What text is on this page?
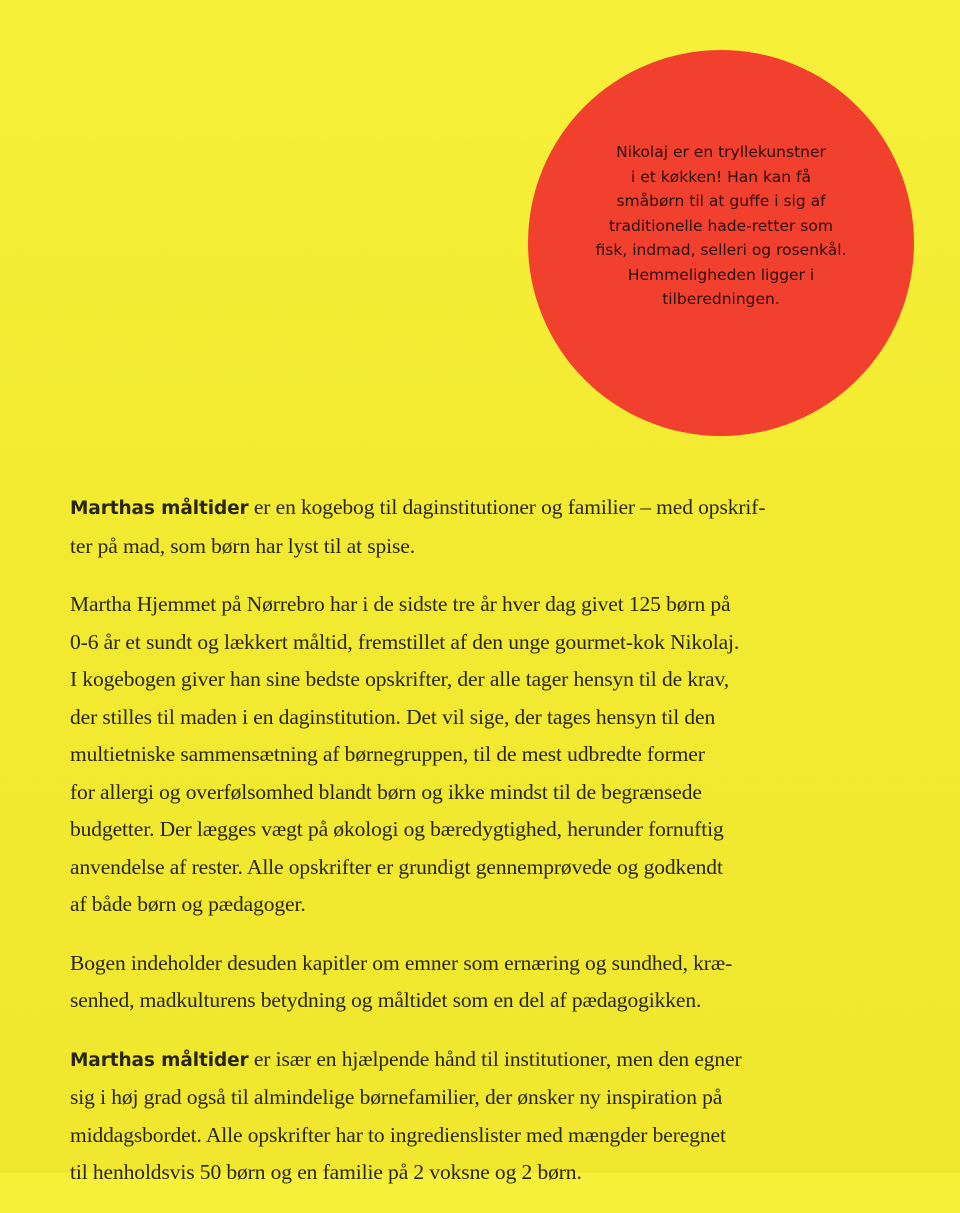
Nikolaj er en tryllekunstner
i et køkken! Han kan få
småbørn til at guffe i sig af
traditionelle hade-retter som
fisk, indmad, selleri og rosenkål.
Hemmeligheden ligger i
tilberedningen.
Marthas måltider er en kogebog til daginstitutioner og familier – med opskrif-
ter på mad, som børn har lyst til at spise.
Martha Hjemmet på Nørrebro har i de sidste tre år hver dag givet 125 børn på
0-6 år et sundt og lækkert måltid, fremstillet af den unge gourmet-kok Nikolaj.
I kogebogen giver han sine bedste opskrifter, der alle tager hensyn til de krav,
der stilles til maden i en daginstitution. Det vil sige, der tages hensyn til den
multietniske sammensætning af børnegruppen, til de mest udbredte former
for allergi og overfølsomhed blandt børn og ikke mindst til de begrænsede
budgetter. Der lægges vægt på økologi og bæredygtighed, herunder fornuftig
anvendelse af rester. Alle opskrifter er grundigt gennemprøvede og godkendt
af både børn og pædagoger.
Bogen indeholder desuden kapitler om emner som ernæring og sundhed, kræ-
senhed, madkulturens betydning og måltidet som en del af pædagogikken.
Marthas måltider er især en hjælpende hånd til institutioner, men den egner
sig i høj grad også til almindelige børnefamilier, der ønsker ny inspiration på
middagsbordet. Alle opskrifter har to ingredienslister med mængder beregnet
til henholdsvis 50 børn og en familie på 2 voksne og 2 børn.
